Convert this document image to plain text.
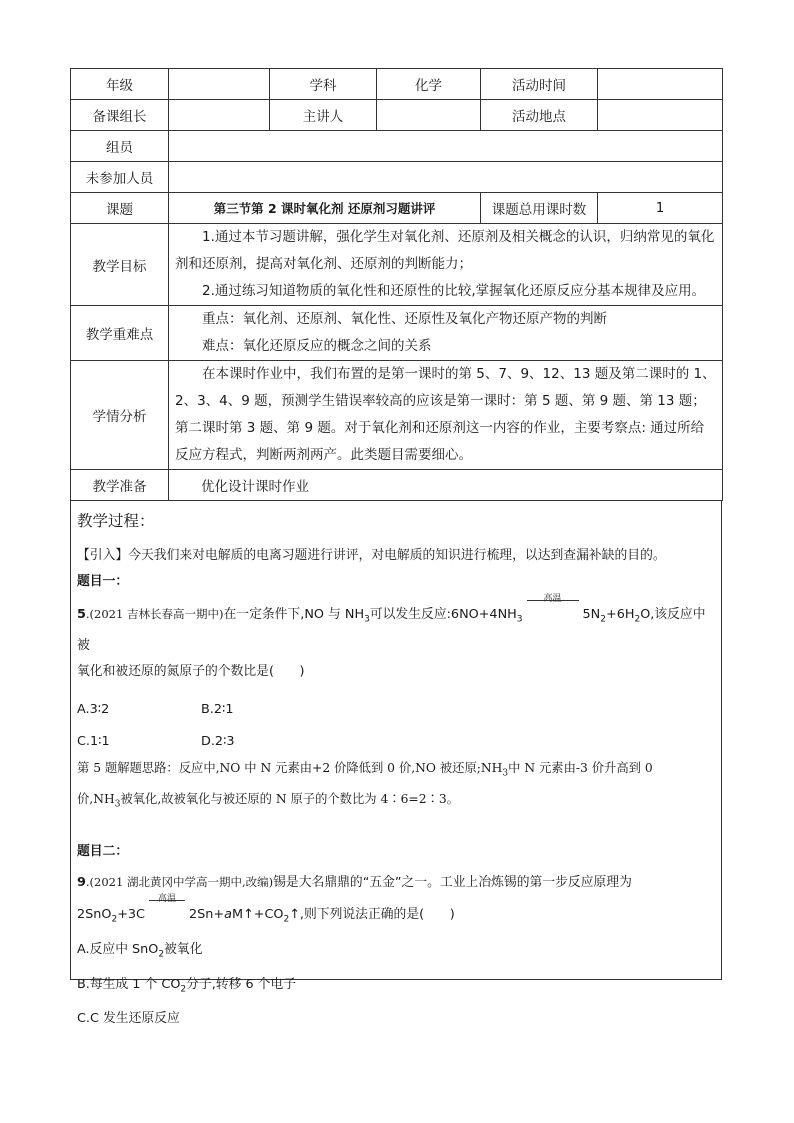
年级		学科	化学	活动时间	
备课组长		主讲人		活动地点	
组员					
未参加人员					
课题	第三节第 2 课时氧化剂 还原剂习题讲评			课题总用课时数	1
教学目标	1.通过本节习题讲解，强化学生对氧化剂、还原剂及相关概念的认识，归纳常见的氧化剂和还原剂，提高对氧化剂、还原剂的判断能力；

2.通过练习知道物质的氧化性和还原性的比较,掌握氧化还原反应分基本规律及应用。				

教学重难点	重点：氧化剂、还原剂、氧化性、还原性及氧化产物还原产物的判断

难点：氧化还原反应的概念之间的关系				

学情分析	在本课时作业中，我们布置的是第一课时的第 5、7、9、12、13 题及第二课时的 1、2、3、4、9 题，预测学生错误率较高的应该是第一课时：第 5 题、第 9 题、第 13 题；第二课时第 3 题、第 9 题。对于氧化剂和还原剂这一内容的作业，主要考察点: 通过所给反应方程式，判断两剂两产。此类题目需要细心。				

教学准备	优化设计课时作业				
教学过程：

【引入】今天我们来对电解质的电离习题进行讲评，对电解质的知识进行梳理，以达到查漏补缺的目的。

题目一：

5.(2021 吉林长春高一期中)在一定条件下,NO 与 $NH_3$可以发生反应$:6NO+4NH_3$
高温
$5N_2+6H_2O$,该反应中被

氧化和被还原的氮原子的个数比是(　　)

A.3∶2	B.2∶1

C.1∶1	D.2∶3

第 5 题解题思路：反应中,NO 中 N 元素由+2 价降低到 0 价,NO 被还原$;NH_3$中 N 元素由-3 价升高到 0

价$,NH_3$被氧化,故被氧化与被还原的 N 原子的个数比为 4∶6=2∶3。

题目二：

9.(2021 湖北黄冈中学高一期中,改编)锡是大名鼎鼎的“五金”之一。工业上冶炼锡的第一步反应原理为

2SnO$_2$+3C
高温
$2Sn+aM↑+CO_2↑$,则下列说法正确的是(　　)

A.反应中 SnO$_2$被氧化

B.每生成 1 个 $CO_2$分子,转移 6 个电子

C.C 发生还原反应
